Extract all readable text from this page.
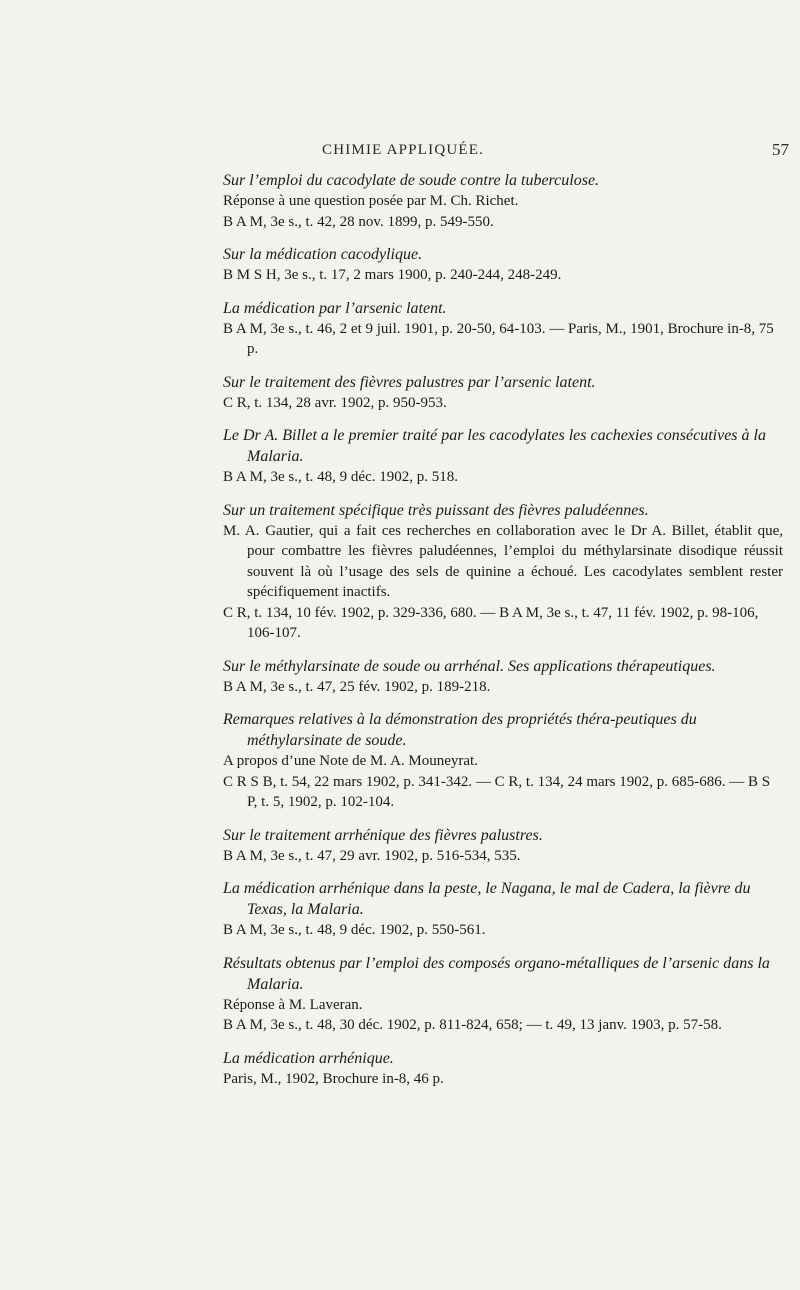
CHIMIE APPLIQUÉE.	57

Sur l’emploi du cacodylate de soude contre la tuberculose.

Réponse à une question posée par M. Ch. Richet.

B A M, 3e s., t. 42, 28 nov. 1899, p. 549-550.

Sur la médication cacodylique.

B M S H, 3e s., t. 17, 2 mars 1900, p. 240-244, 248-249.

La médication par l’arsenic latent.

B A M, 3e s., t. 46, 2 et 9 juil. 1901, p. 20-50, 64-103. — Paris, M., 1901, Brochure in-8, 75 p.

Sur le traitement des fièvres palustres par l’arsenic latent.

C R, t. 134, 28 avr. 1902, p. 950-953.

Le Dr A. Billet a le premier traité par les cacodylates les cachexies consécutives à la Malaria.

B A M, 3e s., t. 48, 9 déc. 1902, p. 518.

Sur un traitement spécifique très puissant des fièvres paludéennes.

M. A. Gautier, qui a fait ces recherches en collaboration avec le Dr A. Billet, établit que, pour combattre les fièvres paludéennes, l’emploi du méthylarsinate disodique réussit souvent là où l’usage des sels de quinine a échoué. Les cacodylates semblent rester spécifiquement inactifs.

C R, t. 134, 10 fév. 1902, p. 329-336, 680. — B A M, 3e s., t. 47, 11 fév. 1902, p. 98-106, 106-107.

Sur le méthylarsinate de soude ou arrhénal. Ses applications thérapeutiques.

B A M, 3e s., t. 47, 25 fév. 1902, p. 189-218.

Remarques relatives à la démonstration des propriétés théra-peutiques du méthylarsinate de soude.

A propos d’une Note de M. A. Mouneyrat.

C R S B, t. 54, 22 mars 1902, p. 341-342. — C R, t. 134, 24 mars 1902, p. 685-686. — B S P, t. 5, 1902, p. 102-104.

Sur le traitement arrhénique des fièvres palustres.

B A M, 3e s., t. 47, 29 avr. 1902, p. 516-534, 535.

La médication arrhénique dans la peste, le Nagana, le mal de Cadera, la fièvre du Texas, la Malaria.

B A M, 3e s., t. 48, 9 déc. 1902, p. 550-561.

Résultats obtenus par l’emploi des composés organo-métalliques de l’arsenic dans la Malaria.

Réponse à M. Laveran.

B A M, 3e s., t. 48, 30 déc. 1902, p. 811-824, 658; — t. 49, 13 janv. 1903, p. 57-58.

La médication arrhénique.

Paris, M., 1902, Brochure in-8, 46 p.
